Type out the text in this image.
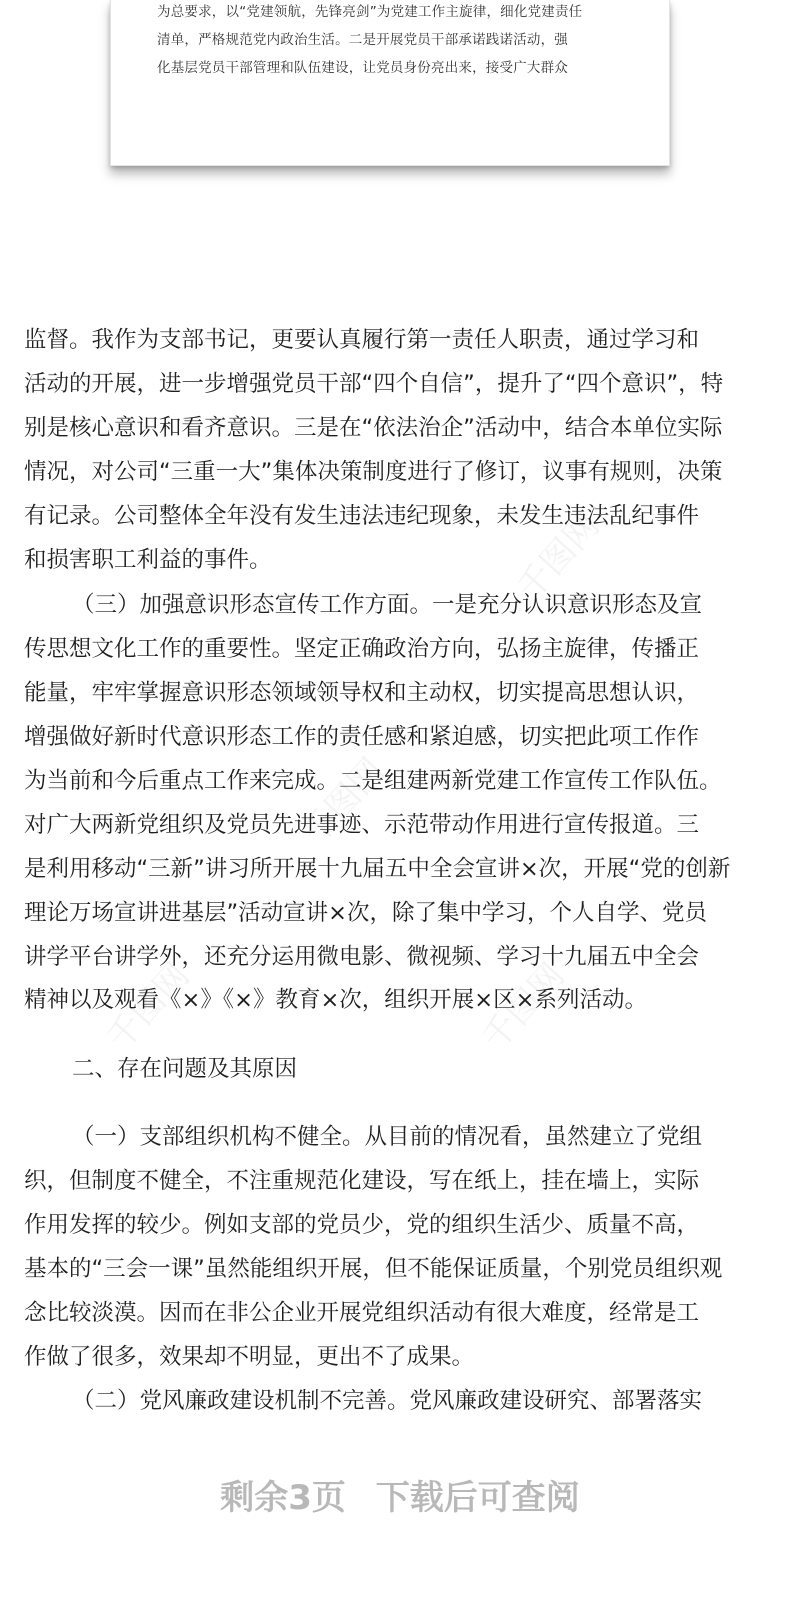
为总要求，以“党建领航，先锋亮剑”为党建工作主旋律，细化党建责任
清单，严格规范党内政治生活。二是开展党员干部承诺践诺活动，强
化基层党员干部管理和队伍建设，让党员身份亮出来，接受广大群众
千图网
千图网
千图网
千图网
监督。我作为支部书记，更要认真履行第一责任人职责，通过学习和
活动的开展，进一步增强党员干部“四个自信”，提升了“四个意识”，特
别是核心意识和看齐意识。三是在“依法治企”活动中，结合本单位实际
情况，对公司“三重一大”集体决策制度进行了修订，议事有规则，决策
有记录。公司整体全年没有发生违法违纪现象，未发生违法乱纪事件
和损害职工利益的事件。
（三）加强意识形态宣传工作方面。一是充分认识意识形态及宣
传思想文化工作的重要性。坚定正确政治方向，弘扬主旋律，传播正
能量，牢牢掌握意识形态领域领导权和主动权，切实提高思想认识，
增强做好新时代意识形态工作的责任感和紧迫感，切实把此项工作作
为当前和今后重点工作来完成。二是组建两新党建工作宣传工作队伍。
对广大两新党组织及党员先进事迹、示范带动作用进行宣传报道。三
是利用移动“三新”讲习所开展十九届五中全会宣讲×次，开展“党的创新
理论万场宣讲进基层”活动宣讲×次，除了集中学习，个人自学、党员
讲学平台讲学外，还充分运用微电影、微视频、学习十九届五中全会
精神以及观看《×》《×》教育×次，组织开展×区×系列活动。
二、存在问题及其原因
（一）支部组织机构不健全。从目前的情况看，虽然建立了党组
织，但制度不健全，不注重规范化建设，写在纸上，挂在墙上，实际
作用发挥的较少。例如支部的党员少，党的组织生活少、质量不高，
基本的“三会一课”虽然能组织开展，但不能保证质量，个别党员组织观
念比较淡漠。因而在非公企业开展党组织活动有很大难度，经常是工
作做了很多，效果却不明显，更出不了成果。
（二）党风廉政建设机制不完善。党风廉政建设研究、部署落实
剩余3页 下载后可查阅
